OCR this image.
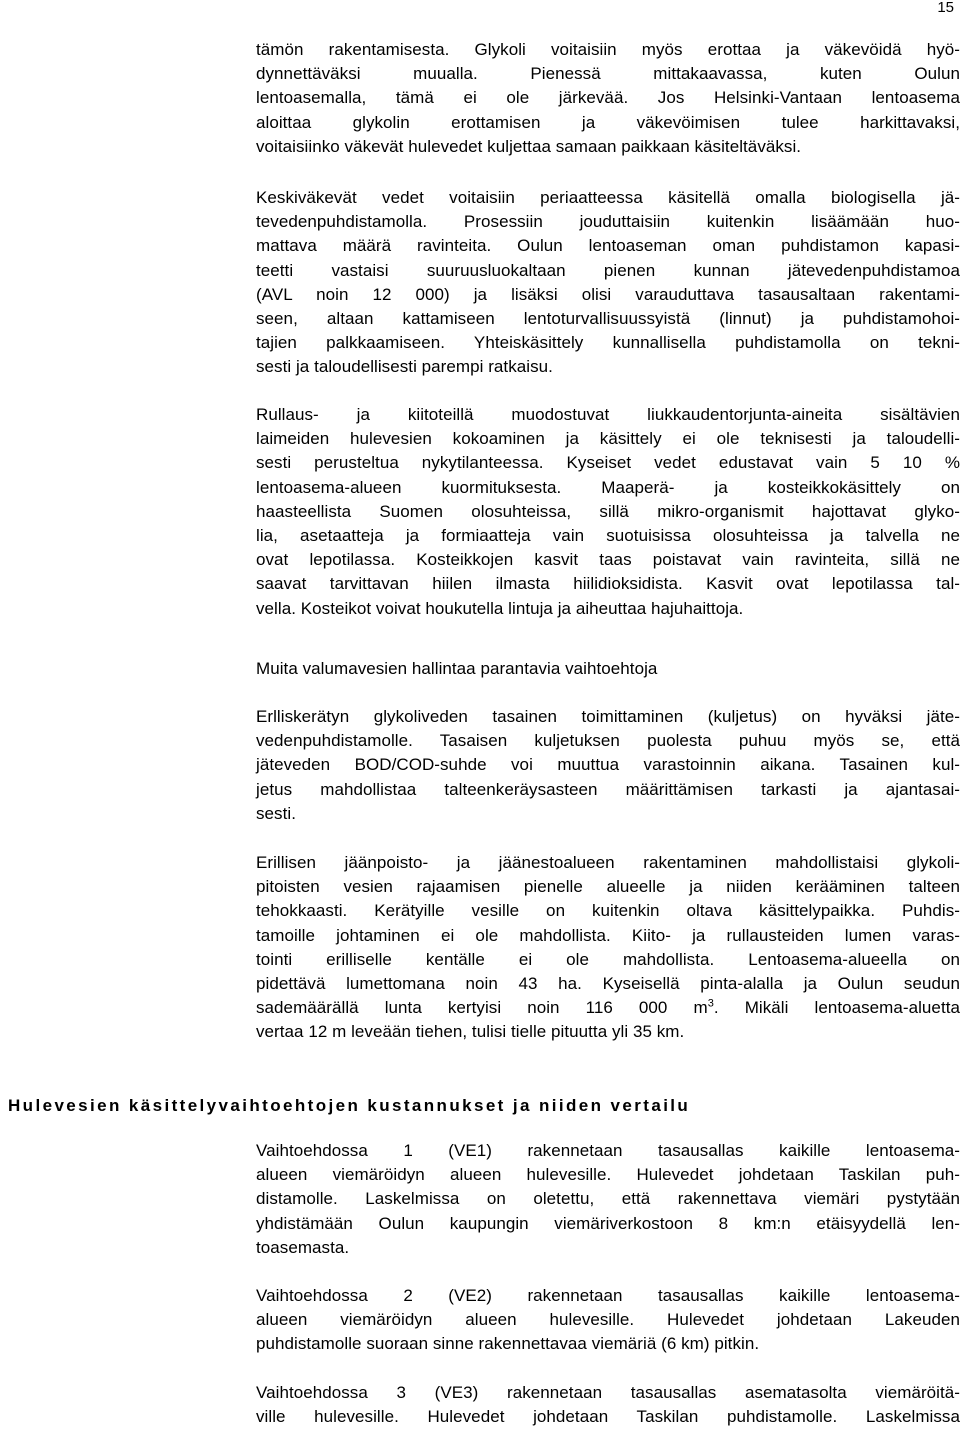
15
tämön rakentamisesta. Glykoli voitaisiin myös erottaa ja väkevöidä hyö-
dynnettäväksi muualla. Pienessä mittakaavassa, kuten Oulun
lentoasemalla, tämä ei ole järkevää. Jos Helsinki-Vantaan lentoasema
aloittaa glykolin erottamisen ja väkevöimisen tulee harkittavaksi,
voitaisiinko väkevät hulevedet kuljettaa samaan paikkaan käsiteltäväksi.
Keskiväkevät vedet voitaisiin periaatteessa käsitellä omalla biologisella jä-
tevedenpuhdistamolla. Prosessiin jouduttaisiin kuitenkin lisäämään huo-
mattava määrä ravinteita. Oulun lentoaseman oman puhdistamon kapasi-
teetti vastaisi suuruusluokaltaan pienen kunnan jätevedenpuhdistamoa
(AVL noin 12 000) ja lisäksi olisi varauduttava tasausaltaan rakentami-
seen, altaan kattamiseen lentoturvallisuussyistä (linnut) ja puhdistamohoi-
tajien palkkaamiseen. Yhteiskäsittely kunnallisella puhdistamolla on tekni-
sesti ja taloudellisesti parempi ratkaisu.
Rullaus- ja kiitoteillä muodostuvat liukkaudentorjunta-aineita sisältävien
laimeiden hulevesien kokoaminen ja käsittely ei ole teknisesti ja taloudelli-
sesti perusteltua nykytilanteessa. Kyseiset vedet edustavat vain 5 10 %
lentoasema-alueen kuormituksesta. Maaperä- ja kosteikkokäsittely on
haasteellista Suomen olosuhteissa, sillä mikro-organismit hajottavat glyko-
lia, asetaatteja ja formiaatteja vain suotuisissa olosuhteissa ja talvella ne
ovat lepotilassa. Kosteikkojen kasvit taas poistavat vain ravinteita, sillä ne
saavat tarvittavan hiilen ilmasta hiilidioksidista. Kasvit ovat lepotilassa tal-
vella. Kosteikot voivat houkutella lintuja ja aiheuttaa hajuhaittoja.
Muita valumavesien hallintaa parantavia vaihtoehtoja
Erlliskerätyn glykoliveden tasainen toimittaminen (kuljetus) on hyväksi jäte-
vedenpuhdistamolle. Tasaisen kuljetuksen puolesta puhuu myös se, että
jäteveden BOD/COD-suhde voi muuttua varastoinnin aikana. Tasainen kul-
jetus mahdollistaa talteenkeräysasteen määrittämisen tarkasti ja ajantasai-
sesti.
Erillisen jäänpoisto- ja jäänestoalueen rakentaminen mahdollistaisi glykoli-
pitoisten vesien rajaamisen pienelle alueelle ja niiden kerääminen talteen
tehokkaasti. Kerätyille vesille on kuitenkin oltava käsittelypaikka. Puhdis-
tamoille johtaminen ei ole mahdollista. Kiito- ja rullausteiden lumen varas-
tointi erilliselle kentälle ei ole mahdollista. Lentoasema-alueella on
pidettävä lumettomana noin 43 ha. Kyseisellä pinta-alalla ja Oulun seudun
sademäärällä lunta kertyisi noin 116 000 $m^3$. Mikäli lentoasema-aluetta
vertaa 12 m leveään tiehen, tulisi tielle pituutta yli 35 km.
Hulevesien käsittelyvaihtoehtojen kustannukset ja niiden vertailu
Vaihtoehdossa 1 (VE1) rakennetaan tasausallas kaikille lentoasema-
alueen viemäröidyn alueen hulevesille. Hulevedet johdetaan Taskilan puh-
distamolle. Laskelmissa on oletettu, että rakennettava viemäri pystytään
yhdistämään Oulun kaupungin viemäriverkostoon 8 km:n etäisyydellä len-
toasemasta.
Vaihtoehdossa 2 (VE2) rakennetaan tasausallas kaikille lentoasema-
alueen viemäröidyn alueen hulevesille. Hulevedet johdetaan Lakeuden
puhdistamolle suoraan sinne rakennettavaa viemäriä (6 km) pitkin.
Vaihtoehdossa 3 (VE3) rakennetaan tasausallas asematasolta viemäröitä-
ville hulevesille. Hulevedet johdetaan Taskilan puhdistamolle. Laskelmissa
